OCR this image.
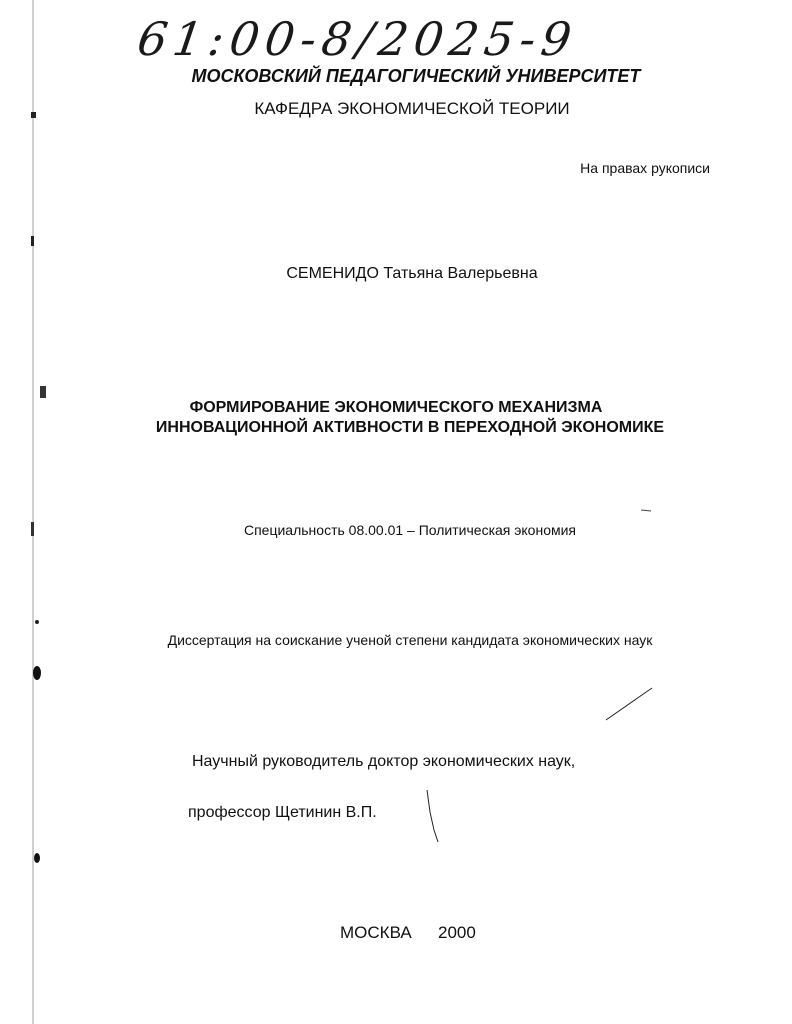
61:00-8/2025-9
МОСКОВСКИЙ ПЕДАГОГИЧЕСКИЙ УНИВЕРСИТЕТ
КАФЕДРА ЭКОНОМИЧЕСКОЙ ТЕОРИИ
На правах рукописи
СЕМЕНИДО Татьяна Валерьевна
ФОРМИРОВАНИЕ ЭКОНОМИЧЕСКОГО МЕХАНИЗМА
ИННОВАЦИОННОЙ АКТИВНОСТИ В ПЕРЕХОДНОЙ ЭКОНОМИКЕ
Специальность 08.00.01 – Политическая экономия
Диссертация на соискание ученой степени кандидата экономических наук
Научный руководитель доктор экономических наук,
профессор Щетинин В.П.
МОСКВА 2000
